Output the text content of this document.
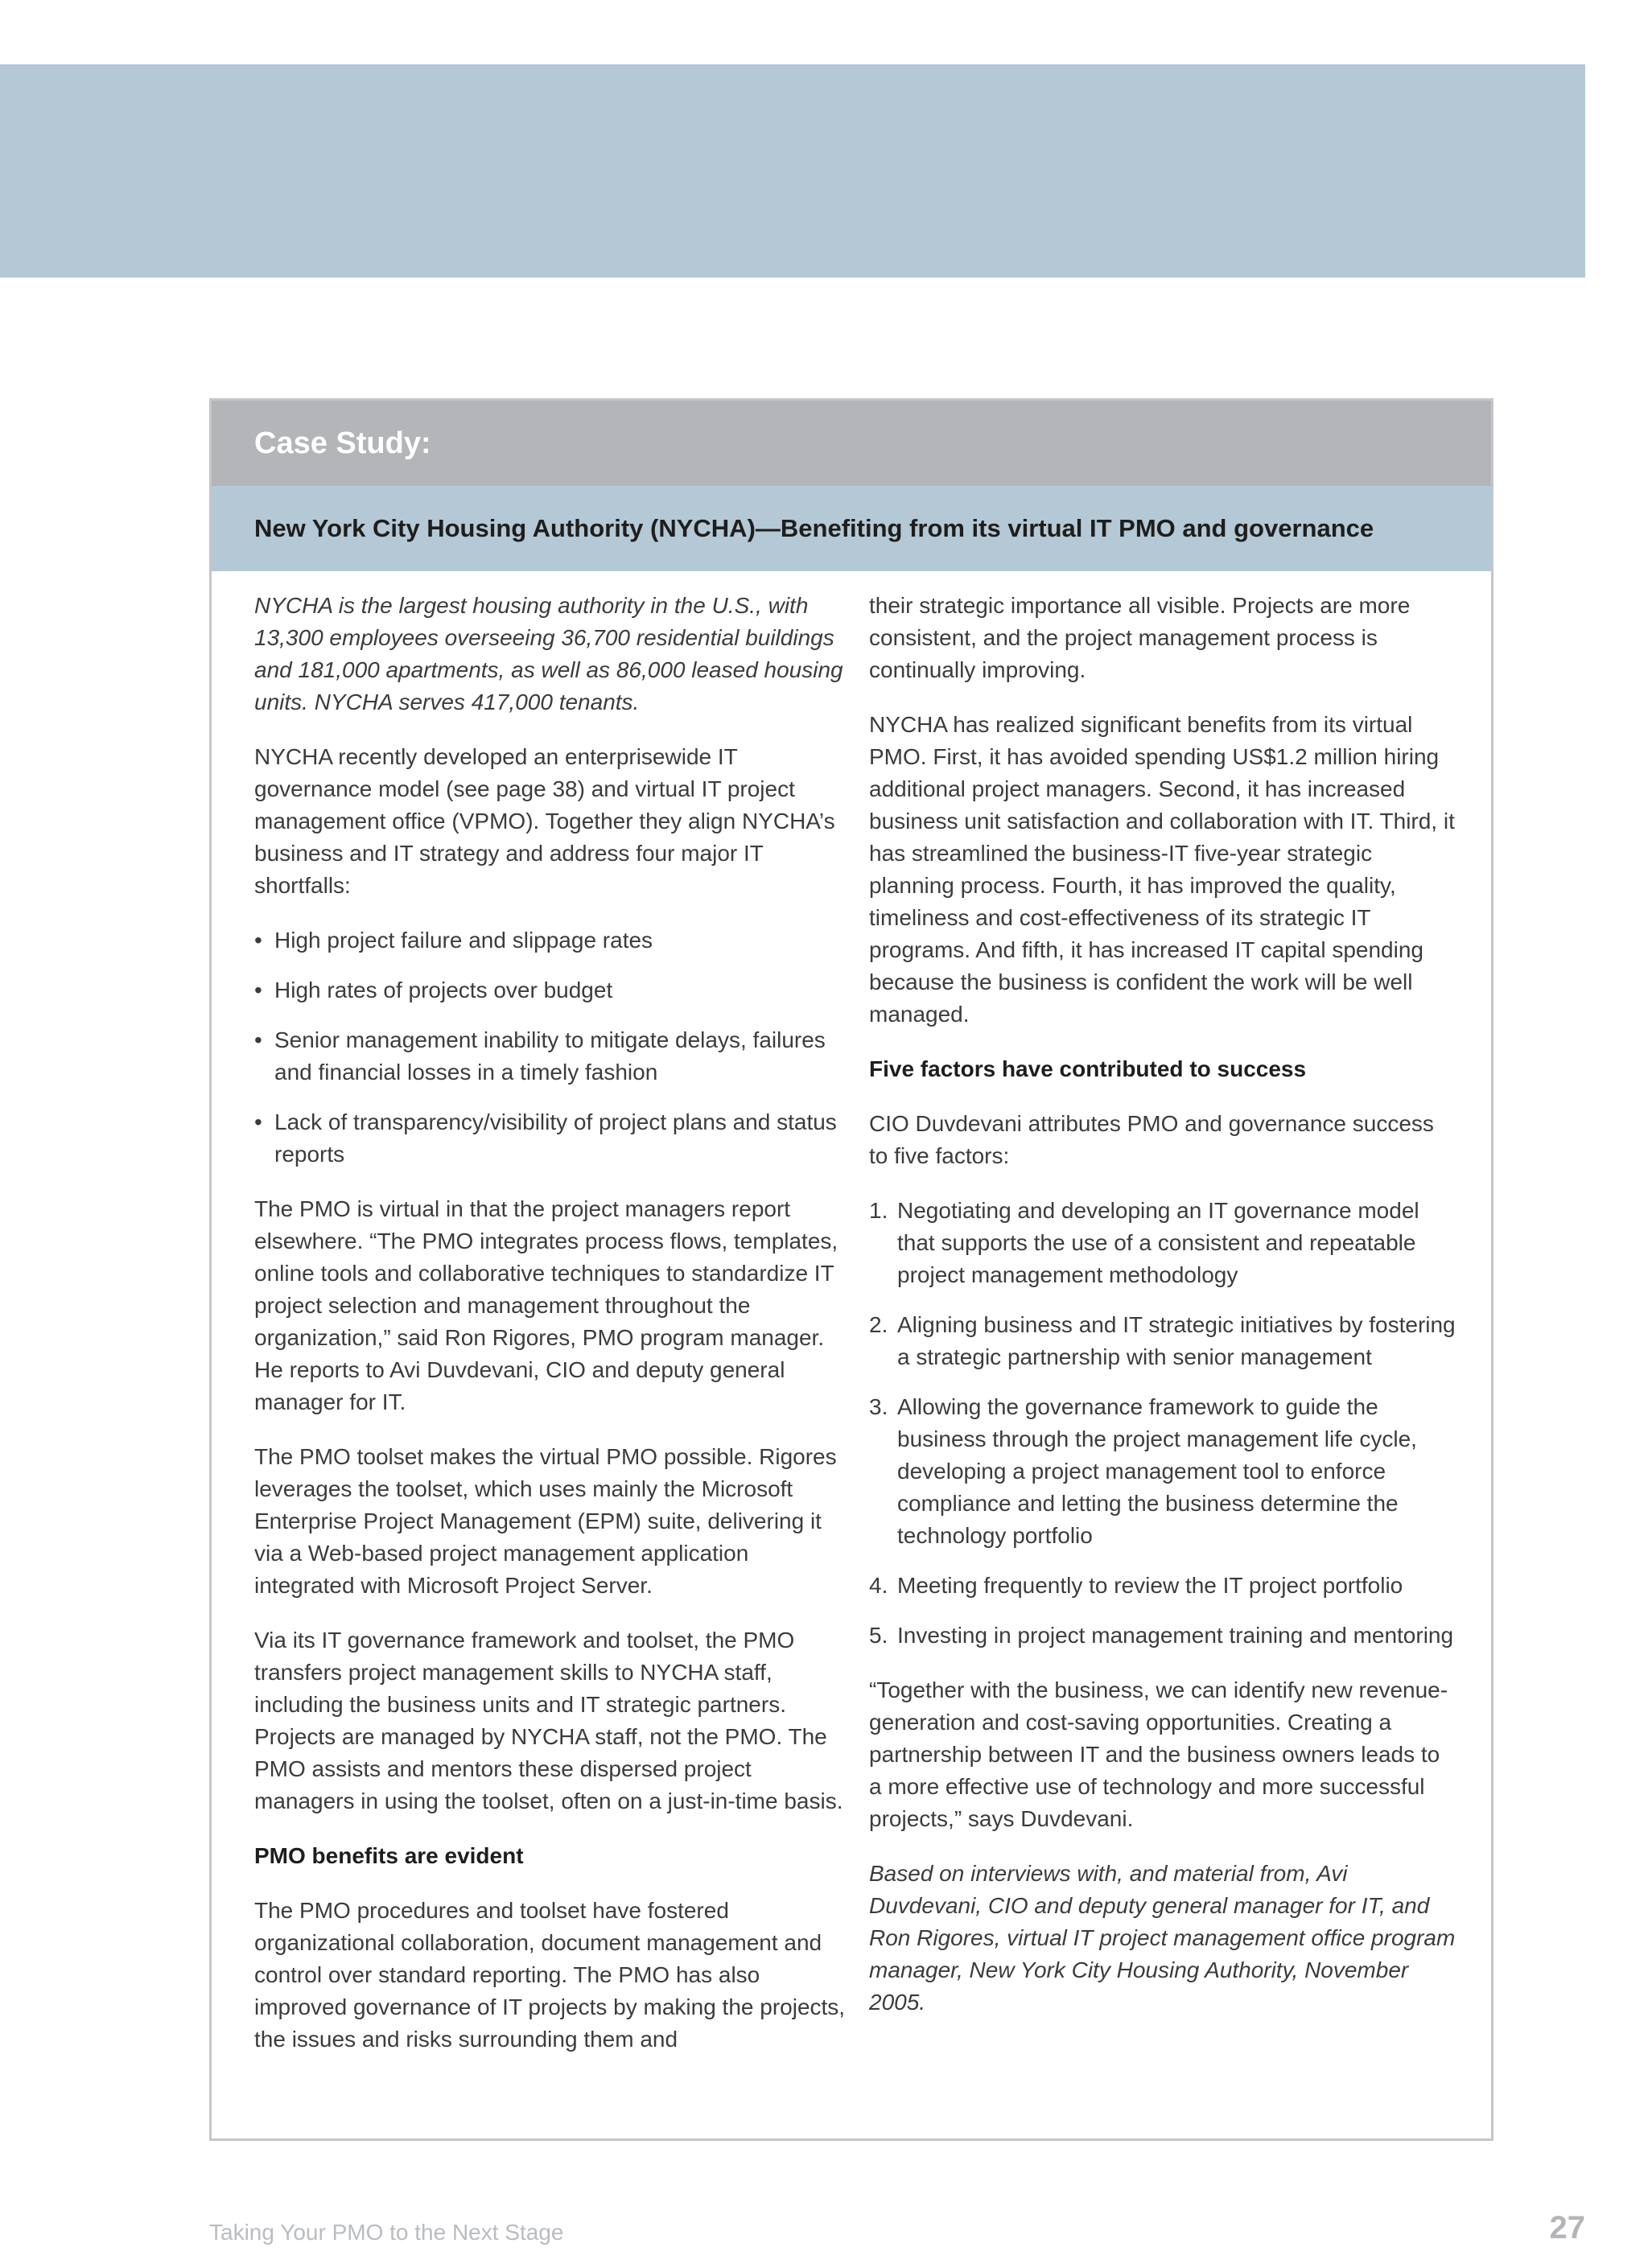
Case Study:
New York City Housing Authority (NYCHA)—Benefiting from its virtual IT PMO and governance

NYCHA is the largest housing authority in the U.S., with 13,300 employees overseeing 36,700 residential buildings and 181,000 apartments, as well as 86,000 leased housing units. NYCHA serves 417,000 tenants.

NYCHA recently developed an enterprisewide IT governance model (see page 38) and virtual IT project management office (VPMO). Together they align NYCHA’s business and IT strategy and address four major IT shortfalls:

• High project failure and slippage rates
• High rates of projects over budget
• Senior management inability to mitigate delays, failures and financial losses in a timely fashion
• Lack of transparency/visibility of project plans and status reports

The PMO is virtual in that the project managers report elsewhere. “The PMO integrates process flows, templates, online tools and collaborative techniques to standardize IT project selection and management throughout the organization,” said Ron Rigores, PMO program manager. He reports to Avi Duvdevani, CIO and deputy general manager for IT.

The PMO toolset makes the virtual PMO possible. Rigores leverages the toolset, which uses mainly the Microsoft Enterprise Project Management (EPM) suite, delivering it via a Web-based project management application integrated with Microsoft Project Server.

Via its IT governance framework and toolset, the PMO transfers project management skills to NYCHA staff, including the business units and IT strategic partners. Projects are managed by NYCHA staff, not the PMO. The PMO assists and mentors these dispersed project managers in using the toolset, often on a just-in-time basis.

PMO benefits are evident

The PMO procedures and toolset have fostered organizational collaboration, document management and control over standard reporting. The PMO has also improved governance of IT projects by making the projects, the issues and risks surrounding them and

their strategic importance all visible. Projects are more consistent, and the project management process is continually improving.

NYCHA has realized significant benefits from its virtual PMO. First, it has avoided spending US$1.2 million hiring additional project managers. Second, it has increased business unit satisfaction and collaboration with IT. Third, it has streamlined the business-IT five-year strategic planning process. Fourth, it has improved the quality, timeliness and cost-effectiveness of its strategic IT programs. And fifth, it has increased IT capital spending because the business is confident the work will be well managed.

Five factors have contributed to success

CIO Duvdevani attributes PMO and governance success to five factors:

1. Negotiating and developing an IT governance model that supports the use of a consistent and repeatable project management methodology
2. Aligning business and IT strategic initiatives by fostering a strategic partnership with senior management
3. Allowing the governance framework to guide the business through the project management life cycle, developing a project management tool to enforce compliance and letting the business determine the technology portfolio
4. Meeting frequently to review the IT project portfolio
5. Investing in project management training and mentoring

“Together with the business, we can identify new revenue-generation and cost-saving opportunities. Creating a partnership between IT and the business owners leads to a more effective use of technology and more successful projects,” says Duvdevani.

Based on interviews with, and material from, Avi Duvdevani, CIO and deputy general manager for IT, and Ron Rigores, virtual IT project management office program manager, New York City Housing Authority, November 2005.

Taking Your PMO to the Next Stage	27
